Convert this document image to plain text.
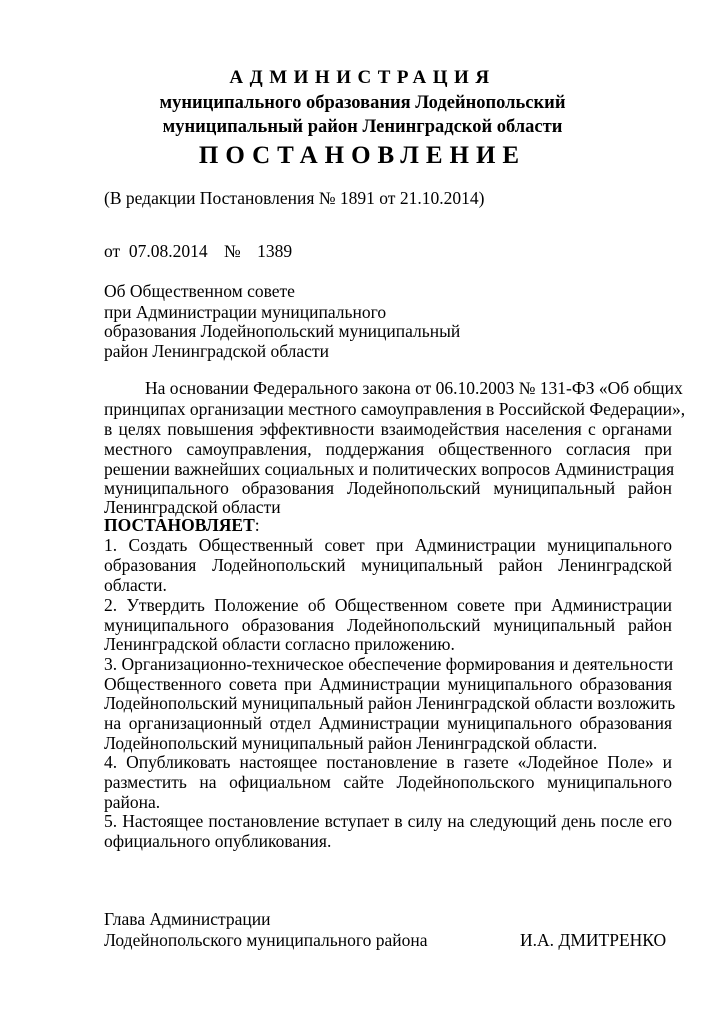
АДМИНИСТРАЦИЯ
муниципального образования Лодейнопольский
муниципальный район Ленинградской области
ПОСТАНОВЛЕНИЕ
(В редакции Постановления № 1891 от 21.10.2014)
от 07.08.2014 № 1389
Об Общественном совете
при Администрации муниципального
образования Лодейнопольский муниципальный
район Ленинградской области
На основании Федерального закона от 06.10.2003 № 131-ФЗ «Об общих
принципах организации местного самоуправления в Российской Федерации»,
в целях повышения эффективности взаимодействия населения с органами
местного самоуправления, поддержания общественного согласия при
решении важнейших социальных и политических вопросов Администрация
муниципального образования Лодейнопольский муниципальный район
Ленинградской области
ПОСТАНОВЛЯЕТ:
1. Создать Общественный совет при Администрации муниципального
образования Лодейнопольский муниципальный район Ленинградской
области.
2. Утвердить Положение об Общественном совете при Администрации
муниципального образования Лодейнопольский муниципальный район
Ленинградской области согласно приложению.
3. Организационно-техническое обеспечение формирования и деятельности
Общественного совета при Администрации муниципального образования
Лодейнопольский муниципальный район Ленинградской области возложить
на организационный отдел Администрации муниципального образования
Лодейнопольский муниципальный район Ленинградской области.
4. Опубликовать настоящее постановление в газете «Лодейное Поле» и
разместить на официальном сайте Лодейнопольского муниципального
района.
5. Настоящее постановление вступает в силу на следующий день после его
официального опубликования.
Глава Администрации
Лодейнопольского муниципального района	И.А. ДМИТРЕНКО
